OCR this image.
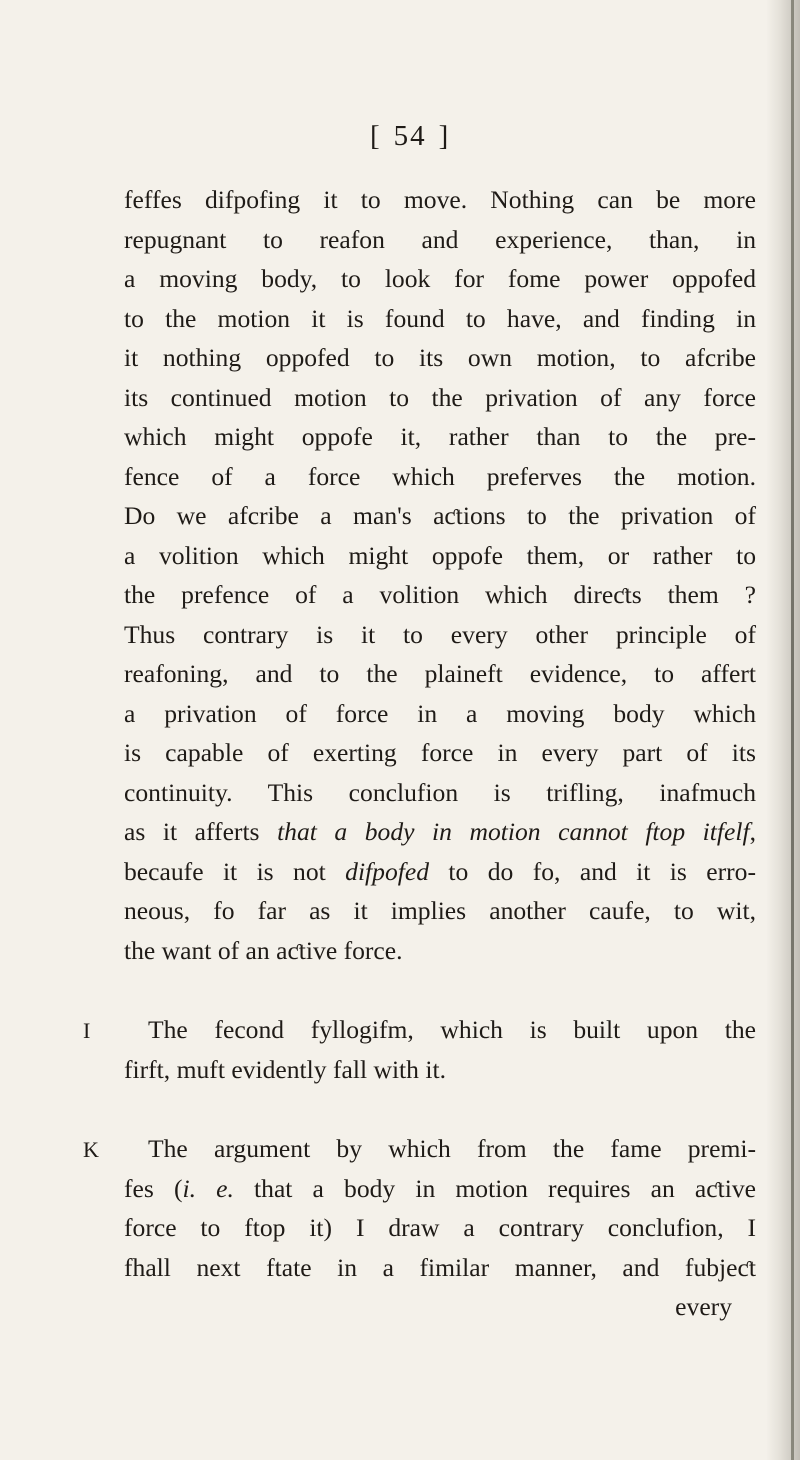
[ 54 ]
feffes difpofing it to move. Nothing can be more
repugnant to reafon and experience, than, in
a moving body, to look for fome power oppofed
to the motion it is found to have, and finding in
it nothing oppofed to its own motion, to afcribe
its continued motion to the privation of any force
which might oppofe it, rather than to the pre-
fence of a force which preferves the motion.
Do we afcribe a man's aƈtions to the privation of
a volition which might oppofe them, or rather to
the prefence of a volition which direƈts them ?
Thus contrary is it to every other principle of
reafoning, and to the plaineft evidence, to affert
a privation of force in a moving body which
is capable of exerting force in every part of its
continuity. This conclufion is trifling, inafmuch
as it afferts that a body in motion cannot ftop itfelf,
becaufe it is not difpofed to do fo, and it is erro-
neous, fo far as it implies another caufe, to wit,
the want of an aƈtive force.
The fecond fyllogifm, which is built upon the
firft, muft evidently fall with it.
The argument by which from the fame premi-
fes (i. e. that a body in motion requires an aƈtive
force to ftop it) I draw a contrary conclufion, I
fhall next ftate in a fimilar manner, and fubjeƈt
every
I
K
